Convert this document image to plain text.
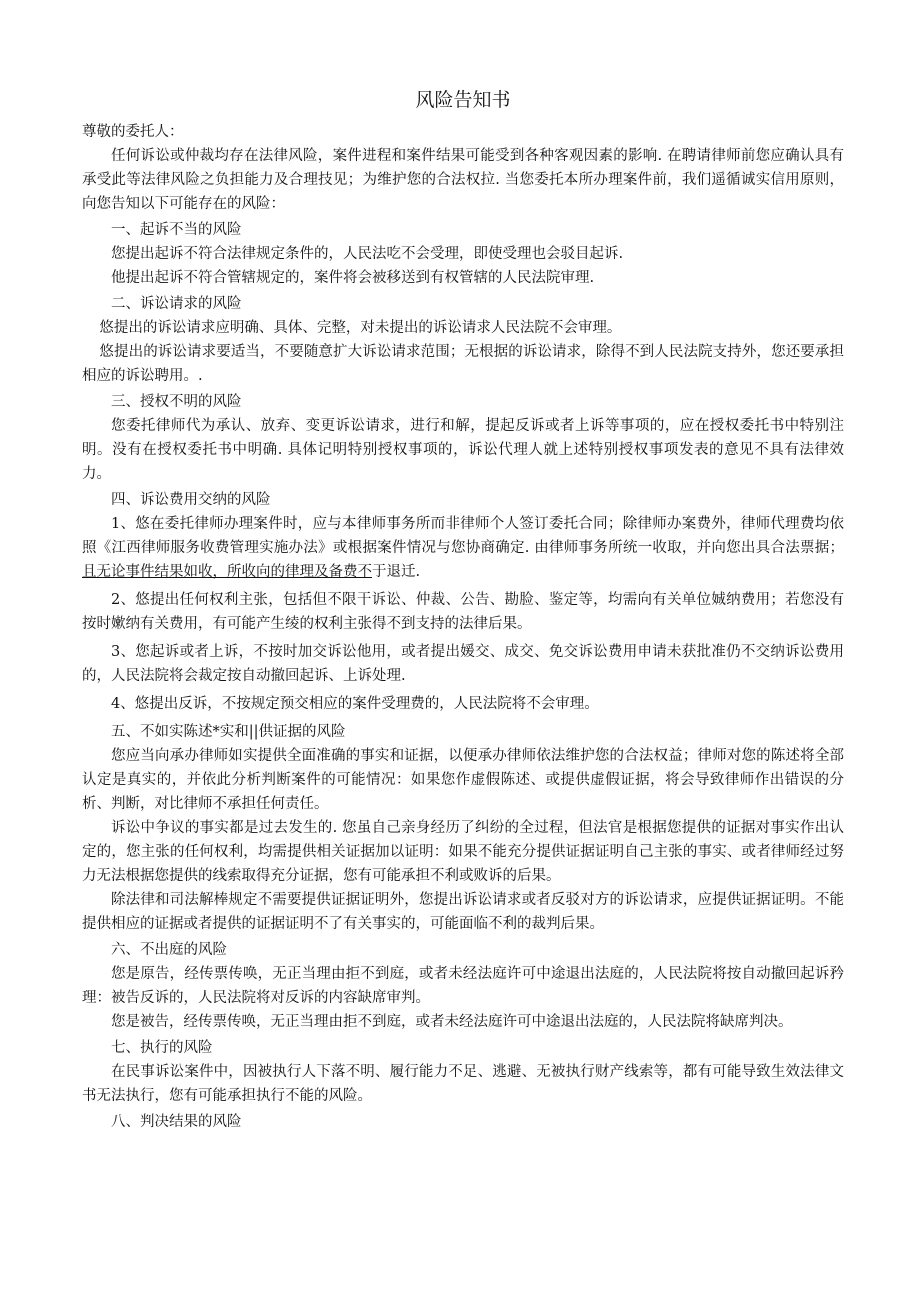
风险告知书

尊敬的委托人：

任何诉讼或仲裁均存在法律风险，案件进程和案件结果可能受到各种客观因素的影响. 在聘请律师前您应确认具有承受此等法律风险之负担能力及合理技见；为维护您的合法权拉. 当您委托本所办理案件前，我们遥循诚实信用原则，向您告知以下可能存在的风险：

一、起诉不当的风险

您提出起诉不符合法律规定条件的，人民法吃不会受理，即使受理也会驳目起诉.

他提出起诉不符合管辖规定的，案件将会被移送到有权管辖的人民法院审理.

二、诉讼请求的风险

悠提出的诉讼请求应明确、具体、完整，对未提出的诉讼请求人民法院不会审理。

悠提出的诉讼请求要适当，不要随意扩大诉讼请求范围；无根据的诉讼请求，除得不到人民法院支持外，您还要承担相应的诉讼聘用。.

三、授权不明的风险

您委托律师代为承认、放弃、变更诉讼请求，进行和解，提起反诉或者上诉等事项的，应在授权委托书中特别注明。没有在授权委托书中明确. 具体记明特别授权事项的，诉讼代理人就上述特别授权事项发表的意见不具有法律效力。

四、诉讼费用交纳的风险

1、悠在委托律师办理案件时，应与本律师事务所而非律师个人签订委托合同；除律师办案费外，律师代理费均依照《江西律师服务收费管理实施办法》或根据案件情况与您协商确定. 由律师事务所统一收取，并向您出具合法票据；且无论事件结果如收，所收向的律理及备费不于退迁.

2、悠提出任何权利主张，包括但不限干诉讼、仲裁、公告、勘脸、鉴定等，均需向有关单位娍纳费用；若您没有按时嫰纳有关费用，有可能产生绫的权利主张得不到支持的法律后果。

3、您起诉或者上诉，不按时加交诉讼他用，或者提出媛交、成交、免交诉讼费用申请未获批准仍不交纳诉讼费用的，人民法院将会裁定按自动撤回起诉、上诉处理.

4、悠提出反诉，不按规定预交相应的案件受理费的，人民法院将不会审理。

五、不如实陈述*实和||供证据的风险

您应当向承办律师如实提供全面准确的事实和证据，以便承办律师依法维护您的合法权益；律师对您的陈述将全部认定是真实的，并依此分析判断案件的可能情况：如果您作虚假陈述、或提供虚假证据，将会导致律师作出错误的分析、判断，对比律师不承担任何责任。

诉讼中争议的事实都是过去发生的. 您虽自己亲身经历了纠纷的全过程，但法官是根据您提供的证据对事实作出认定的，您主张的任何权利，均需提供相关证据加以证明：如果不能充分提供证据证明自己主张的事实、或者律师经过努力无法根据您提供的线索取得充分证据，您有可能承担不利或败诉的后果。

除法律和司法解棒规定不需要提供证据证明外，您提出诉讼请求或者反驳对方的诉讼请求，应提供证据证明。不能提供相应的证据或者提供的证据证明不了有关事实的，可能面临不利的裁判后果。

六、不出庭的风险

您是原告，经传票传唤，无正当理由拒不到庭，或者未经法庭许可中途退出法庭的，人民法院将按自动撤回起诉矜理：被告反诉的，人民法院将对反诉的内容缺席审判。

您是被告，经传票传唤，无正当理由拒不到庭，或者未经法庭许可中途退出法庭的，人民法院将缺席判决。

七、执行的风险

在民事诉讼案件中，因被执行人下落不明、履行能力不足、逃避、无被执行财产线索等，都有可能导致生效法律文书无法执行，您有可能承担执行不能的风险。

八、判决结果的风险
